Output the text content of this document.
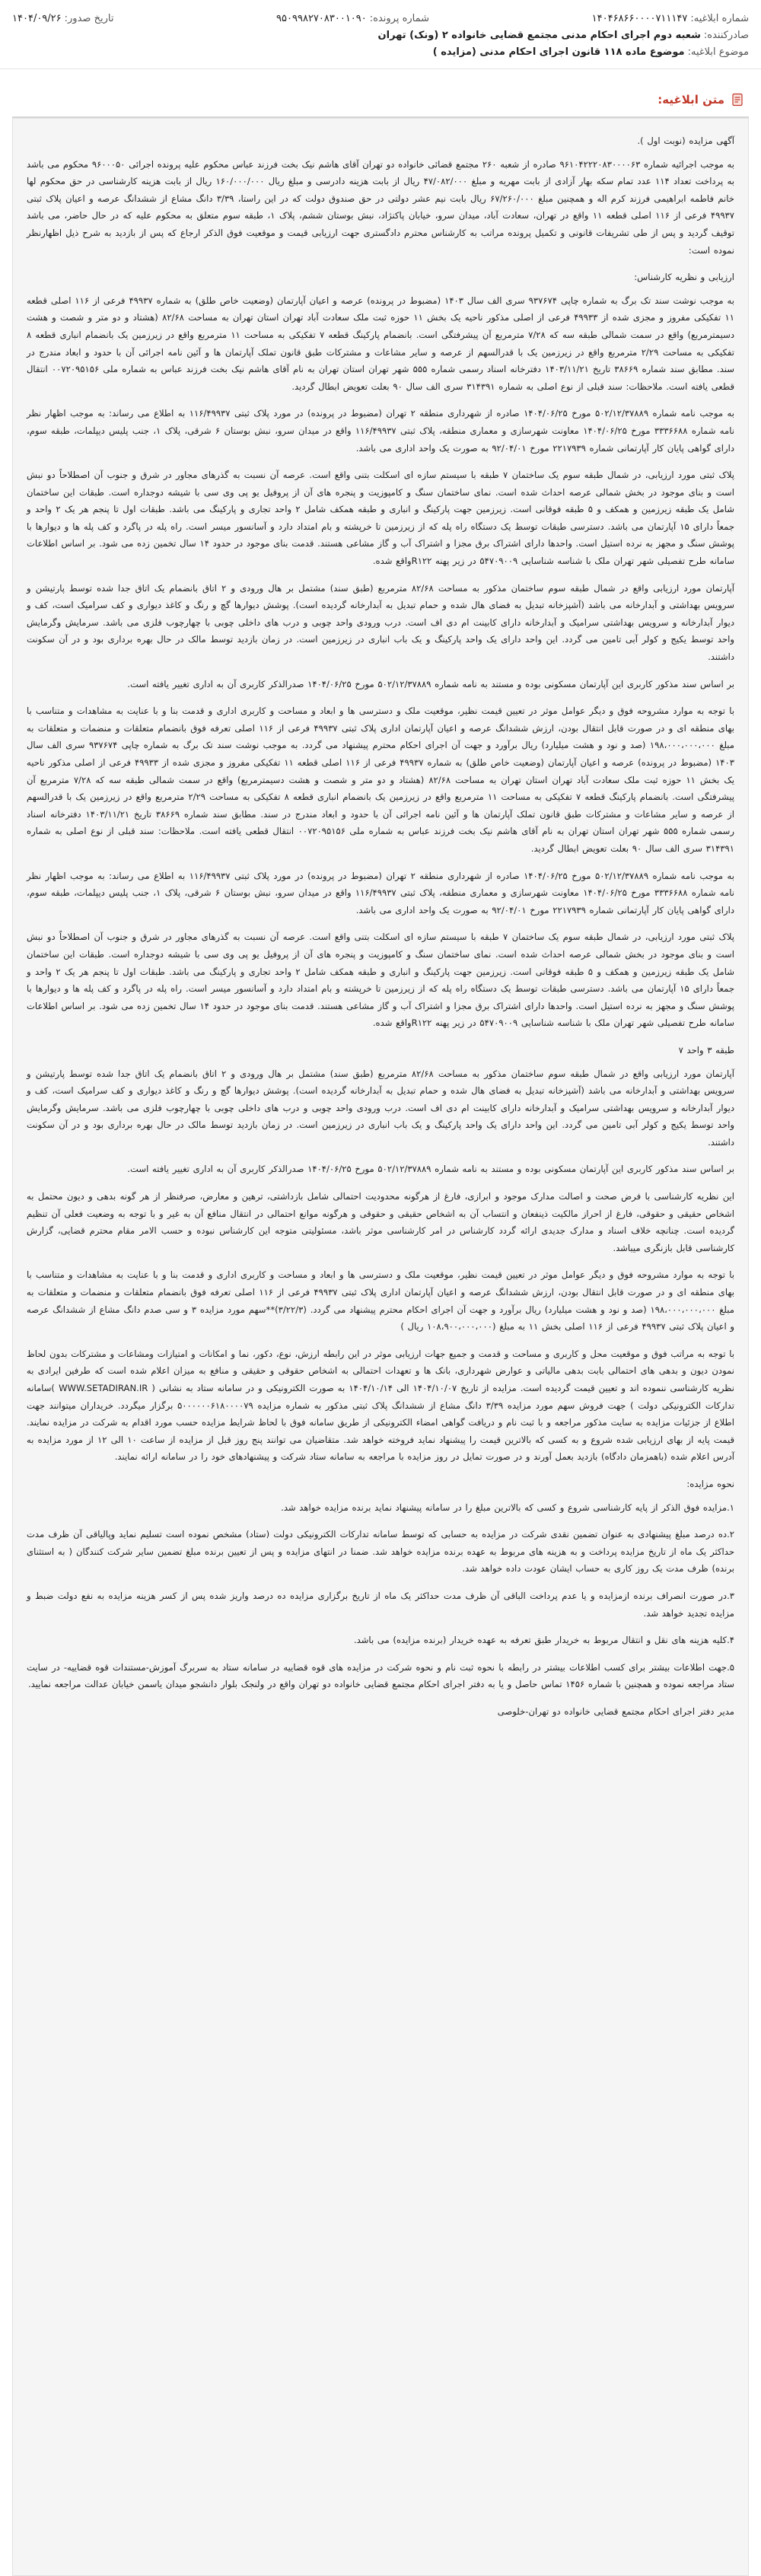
شماره ابلاغیه:
۱۴۰۴۶۸۶۶۰۰۰۰۷۱۱۱۴۷
شماره پرونده:
۹۵۰۹۹۸۲۷۰۸۳۰۰۱۰۹۰
تاریخ صدور:
۱۴۰۴/۰۹/۲۶
صادرکننده:
شعبه دوم اجرای احکام مدنی مجتمع قضایی خانواده ۲ (ونک) تهران
موضوع ابلاغیه:
موضوع ماده ۱۱۸ قانون اجرای احکام مدنی (مزایده )
متن ابلاغیه:

آگهی مزایده (نوبت اول ).

به موجب اجرائیه شماره ۹۶۱۰۴۲۲۲۰۸۳۰۰۰۰۶۳ صادره از شعبه ۲۶۰ مجتمع قضائی خانواده دو تهران آقای هاشم نیک بخت فرزند عباس محکوم علیه پرونده اجرائی ۹۶۰۰۰۵۰ محکوم می باشد به پرداخت تعداد ۱۱۴ عدد تمام سکه بهار آزادی از بابت مهریه و مبلغ ۴۷/۰۸۲/۰۰۰ ریال از بابت هزینه دادرسی و مبلغ ریال ۱۶۰/۰۰۰/۰۰۰ ریال از بابت هزینه کارشناسی در حق محکوم لها خانم فاطمه ابراهیمی فرزند کرم اله و همچنین مبلغ ۶۷/۲۶۰/۰۰۰ ریال بابت نیم عشر دولتی در حق صندوق دولت که در این راستا، ۳/۳۹ دانگ مشاع از ششدانگ عرصه و اعیان پلاک ثبتی ۴۹۹۳۷ فرعی از ۱۱۶ اصلی قطعه ۱۱ واقع در تهران، سعادت آباد، میدان سرو، خیابان پاکنژاد، نبش بوستان ششم، پلاک ۱، طبقه سوم متعلق به محکوم علیه که در حال حاضر، می باشد توقیف گردید و پس از طی تشریفات قانونی و تکمیل پرونده مراتب به کارشناس محترم دادگستری جهت ارزیابی قیمت و موقعیت فوق الذکر ارجاع که پس از بازدید به شرح ذیل اظهارنظر نموده است:

ارزیابی و نظریه کارشناس:

به موجب نوشت سند تک برگ به شماره چاپی ۹۳۷۶۷۴ سری الف سال ۱۴۰۳ (مضبوط در پرونده) عرصه و اعیان آپارتمان (وضعیت خاص طلق) به شماره ۴۹۹۳۷ فرعی از ۱۱۶ اصلی قطعه ۱۱ تفکیکی مفروز و مجزی شده از ۴۹۹۳۳ فرعی از اصلی مذکور ناحیه یک بخش ۱۱ حوزه ثبت ملک سعادت آباد تهران استان تهران به مساحت ۸۲/۶۸ (هشتاد و دو متر و شصت و هشت دسیمترمربع) واقع در سمت شمالی طبقه سه که ۷/۲۸ مترمربع آن پیشرفتگی است. بانضمام پارکینگ قطعه ۷ تفکیکی به مساحت ۱۱ مترمربع واقع در زیرزمین یک بانضمام انباری قطعه ۸ تفکیکی به مساحت ۲/۲۹ مترمربع واقع در زیرزمین یک با قدرالسهم از عرصه و سایر مشاعات و مشترکات طبق قانون تملک آپارتمان ها و آئین نامه اجرائی آن با حدود و ابعاد مندرج در سند. مطابق سند شماره ۳۸۶۶۹ تاریخ ۱۴۰۳/۱۱/۲۱ دفترخانه اسناد رسمی شماره ۵۵۵ شهر تهران استان تهران به نام آقای هاشم نیک بخت فرزند عباس به شماره ملی ۰۰۷۲۰۹۵۱۵۶ انتقال قطعی یافته است. ملاحظات: سند قبلی از نوع اصلی به شماره ۳۱۴۳۹۱ سری الف سال ۹۰ بعلت تعویض ابطال گردید.

به موجب نامه شماره ۵۰۲/۱۲/۳۷۸۸۹ مورخ ۱۴۰۴/۰۶/۲۵ صادره از شهرداری منطقه ۲ تهران (مضبوط در پرونده) در مورد پلاک ثبتی ۱۱۶/۴۹۹۳۷ به اطلاع می رساند: به موجب اظهار نظر نامه شماره ۳۳۳۶۶۸۸ مورخ ۱۴۰۴/۰۶/۲۵ معاونت شهرسازی و معماری منطقه، پلاک ثبتی ۱۱۶/۴۹۹۳۷ واقع در میدان سرو، نبش بوستان ۶ شرقی، پلاک ۱، جنب پلیس دیپلمات، طبقه سوم، دارای گواهی پایان کار آپارتمانی شماره ۲۲۱۷۹۳۹ مورخ ۹۲/۰۴/۰۱ به صورت یک واحد اداری می باشد.

پلاک ثبتی مورد ارزیابی، در شمال طبقه سوم یک ساختمان ۷ طبقه با سیستم سازه ای اسکلت بتنی واقع است. عرصه آن نسبت به گذرهای مجاور در شرق و جنوب آن اصطلاحاً دو نبش است و بنای موجود در بخش شمالی عرصه احداث شده است. نمای ساختمان سنگ و کامپوزیت و پنجره های آن از پروفیل یو پی وی سی با شیشه دوجداره است. طبقات این ساختمان شامل یک طبقه زیرزمین و همکف و ۵ طبقه فوقانی است. زیرزمین جهت پارکینگ و انباری و طبقه همکف شامل ۲ واحد تجاری و پارکینگ می باشد. طبقات اول تا پنجم هر یک ۲ واحد و جمعاً دارای ۱۵ آپارتمان می باشد. دسترسی طبقات توسط یک دستگاه راه پله که از زیرزمین تا خرپشته و بام امتداد دارد و آسانسور میسر است. راه پله در پاگرد و کف پله ها و دیوارها با پوشش سنگ و مجهز به نرده استیل است. واحدها دارای اشتراک برق مجزا و اشتراک آب و گاز مشاعی هستند. قدمت بنای موجود در حدود ۱۴ سال تخمین زده می شود. بر اساس اطلاعات سامانه طرح تفصیلی شهر تهران ملک با شناسه شناسایی ۵۴۷۰۹۰۰۹ در زیر پهنه R۱۲۲واقع شده.

آپارتمان مورد ارزیابی واقع در شمال طبقه سوم ساختمان مذکور به مساحت ۸۲/۶۸ مترمربع (طبق سند) مشتمل بر هال ورودی و ۲ اتاق بانضمام یک اتاق جدا شده توسط پارتیشن و سرویس بهداشتی و آبدارخانه می باشد (آشپزخانه تبدیل به فضای هال شده و حمام تبدیل به آبدارخانه گردیده است). پوشش دیوارها گچ و رنگ و کاغذ دیواری و کف سرامیک است، کف و دیوار آبدارخانه و سرویس بهداشتی سرامیک و آبدارخانه دارای کابینت ام دی اف است. درب ورودی واحد چوبی و درب های داخلی چوبی با چهارچوب فلزی می باشد. سرمایش وگرمایش واحد توسط یکیج و کولر آبی تامین می گردد. این واحد دارای یک واحد پارکینگ و یک باب انباری در زیرزمین است. در زمان بازدید توسط مالک در حال بهره برداری بود و در آن سکونت داشتند.

بر اساس سند مذکور کاربری این آپارتمان مسکونی بوده و مستند به نامه شماره ۵۰۲/۱۲/۳۷۸۸۹ مورخ ۱۴۰۴/۰۶/۲۵ صدرالذکر کاربری آن به اداری تغییر یافته است.

با توجه به موارد مشروحه فوق و دیگر عوامل موثر در تعیین قیمت نظیر، موقعیت ملک و دسترسی ها و ابعاد و مساحت و کاربری اداری و قدمت بنا و با عنایت به مشاهدات و متناسب با بهای منطقه ای و در صورت قابل انتقال بودن، ارزش ششدانگ عرصه و اعیان آپارتمان اداری پلاک ثبتی ۴۹۹۳۷ فرعی از ۱۱۶ اصلی تعرفه فوق بانضمام متعلقات و منضمات و متعلقات به مبلغ ۱۹۸،۰۰۰،۰۰۰،۰۰۰ (صد و نود و هشت میلیارد) ریال برآورد و جهت آن اجرای احکام محترم پیشنهاد می گردد. به موجب نوشت سند تک برگ به شماره چاپی ۹۳۷۶۷۴ سری الف سال ۱۴۰۳ (مضبوط در پرونده) عرصه و اعیان آپارتمان (وضعیت خاص طلق) به شماره ۴۹۹۳۷ فرعی از ۱۱۶ اصلی قطعه ۱۱ تفکیکی مفروز و مجزی شده از ۴۹۹۳۳ فرعی از اصلی مذکور ناحیه یک بخش ۱۱ حوزه ثبت ملک سعادت آباد تهران استان تهران به مساحت ۸۲/۶۸ (هشتاد و دو متر و شصت و هشت دسیمترمربع) واقع در سمت شمالی طبقه سه که ۷/۲۸ مترمربع آن پیشرفتگی است. بانضمام پارکینگ قطعه ۷ تفکیکی به مساحت ۱۱ مترمربع واقع در زیرزمین یک بانضمام انباری قطعه ۸ تفکیکی به مساحت ۲/۲۹ مترمربع واقع در زیرزمین یک با قدرالسهم از عرصه و سایر مشاعات و مشترکات طبق قانون تملک آپارتمان ها و آئین نامه اجرائی آن با حدود و ابعاد مندرج در سند. مطابق سند شماره ۳۸۶۶۹ تاریخ ۱۴۰۳/۱۱/۲۱ دفترخانه اسناد رسمی شماره ۵۵۵ شهر تهران استان تهران به نام آقای هاشم نیک بخت فرزند عباس به شماره ملی ۰۰۷۲۰۹۵۱۵۶ انتقال قطعی یافته است. ملاحظات: سند قبلی از نوع اصلی به شماره ۳۱۴۳۹۱ سری الف سال ۹۰ بعلت تعویض ابطال گردید.

به موجب نامه شماره ۵۰۲/۱۲/۳۷۸۸۹ مورخ ۱۴۰۴/۰۶/۲۵ صادره از شهرداری منطقه ۲ تهران (مضبوط در پرونده) در مورد پلاک ثبتی ۱۱۶/۴۹۹۳۷ به اطلاع می رساند: به موجب اظهار نظر نامه شماره ۳۳۳۶۶۸۸ مورخ ۱۴۰۴/۰۶/۲۵ معاونت شهرسازی و معماری منطقه، پلاک ثبتی ۱۱۶/۴۹۹۳۷ واقع در میدان سرو، نبش بوستان ۶ شرقی، پلاک ۱، جنب پلیس دیپلمات، طبقه سوم، دارای گواهی پایان کار آپارتمانی شماره ۲۲۱۷۹۳۹ مورخ ۹۲/۰۴/۰۱ به صورت یک واحد اداری می باشد.

پلاک ثبتی مورد ارزیابی، در شمال طبقه سوم یک ساختمان ۷ طبقه با سیستم سازه ای اسکلت بتنی واقع است. عرصه آن نسبت به گذرهای مجاور در شرق و جنوب آن اصطلاحاً دو نبش است و بنای موجود در بخش شمالی عرصه احداث شده است. نمای ساختمان سنگ و کامپوزیت و پنجره های آن از پروفیل یو پی وی سی با شیشه دوجداره است. طبقات این ساختمان شامل یک طبقه زیرزمین و همکف و ۵ طبقه فوقانی است. زیرزمین جهت پارکینگ و انباری و طبقه همکف شامل ۲ واحد تجاری و پارکینگ می باشد. طبقات اول تا پنجم هر یک ۲ واحد و جمعاً دارای ۱۵ آپارتمان می باشد. دسترسی طبقات توسط یک دستگاه راه پله که از زیرزمین تا خرپشته و بام امتداد دارد و آسانسور میسر است. راه پله در پاگرد و کف پله ها و دیوارها با پوشش سنگ و مجهز به نرده استیل است. واحدها دارای اشتراک برق مجزا و اشتراک آب و گاز مشاعی هستند. قدمت بنای موجود در حدود ۱۴ سال تخمین زده می شود. بر اساس اطلاعات سامانه طرح تفصیلی شهر تهران ملک با شناسه شناسایی ۵۴۷۰۹۰۰۹ در زیر پهنه R۱۲۲واقع شده.

طبقه ۳ واحد ۷

آپارتمان مورد ارزیابی واقع در شمال طبقه سوم ساختمان مذکور به مساحت ۸۲/۶۸ مترمربع (طبق سند) مشتمل بر هال ورودی و ۲ اتاق بانضمام یک اتاق جدا شده توسط پارتیشن و سرویس بهداشتی و آبدارخانه می باشد (آشپزخانه تبدیل به فضای هال شده و حمام تبدیل به آبدارخانه گردیده است). پوشش دیوارها گچ و رنگ و کاغذ دیواری و کف سرامیک است، کف و دیوار آبدارخانه و سرویس بهداشتی سرامیک و آبدارخانه دارای کابینت ام دی اف است. درب ورودی واحد چوبی و درب های داخلی چوبی با چهارچوب فلزی می باشد. سرمایش وگرمایش واحد توسط یکیج و کولر آبی تامین می گردد. این واحد دارای یک واحد پارکینگ و یک باب انباری در زیرزمین است. در زمان بازدید توسط مالک در حال بهره برداری بود و در آن سکونت داشتند.

بر اساس سند مذکور کاربری این آپارتمان مسکونی بوده و مستند به نامه شماره ۵۰۲/۱۲/۳۷۸۸۹ مورخ ۱۴۰۴/۰۶/۲۵ صدرالذکر کاربری آن به اداری تغییر یافته است.

این نظریه کارشناسی با فرض صحت و اصالت مدارک موجود و ابرازی، فارغ از هرگونه محدودیت احتمالی شامل بازداشتی، ترهین و معارض، صرفنظر از هر گونه بدهی و دیون محتمل به اشخاص حقیقی و حقوقی، فارغ از احراز مالکیت ذینفعان و انتساب آن به اشخاص حقیقی و حقوقی و هرگونه موانع احتمالی در انتقال منافع آن به غیر و با توجه به وضعیت فعلی آن تنظیم گردیده است. چنانچه خلاف اسناد و مدارک جدیدی ارائه گردد کارشناس در امر کارشناسی موثر باشد، مسئولیتی متوجه این کارشناس نبوده و حسب الامر مقام محترم قضایی، گزارش کارشناسی قابل بازنگری میباشد.

با توجه به موارد مشروحه فوق و دیگر عوامل موثر در تعیین قیمت نظیر، موقعیت ملک و دسترسی ها و ابعاد و مساحت و کاربری اداری و قدمت بنا و با عنایت به مشاهدات و متناسب با بهای منطقه ای و در صورت قابل انتقال بودن، ارزش ششدانگ عرصه و اعیان آپارتمان اداری پلاک ثبتی ۴۹۹۳۷ فرعی از ۱۱۶ اصلی تعرفه فوق بانضمام متعلقات و منضمات و متعلقات به مبلغ ۱۹۸،۰۰۰،۰۰۰،۰۰۰ (صد و نود و هشت میلیارد) ریال برآورد و جهت آن اجرای احکام محترم پیشنهاد می گردد. (۳/۲۲/۳)**سهم مورد مزایده ۳ و سی صدم دانگ مشاع از ششدانگ عرصه و اعیان پلاک ثبتی ۴۹۹۳۷ فرعی از ۱۱۶ اصلی بخش ۱۱ به مبلغ (۱۰۸،۹۰۰،۰۰۰،۰۰۰ ریال )

با توجه به مراتب فوق و موقعیت محل و کاربری و مساحت و قدمت و جمیع جهات ارزیابی موثر در این رابطه ارزش، نوع، دکور، نما و امکانات و امتیازات ومشاعات و مشترکات بدون لحاظ نمودن دیون و بدهی های احتمالی بابت بدهی مالیاتی و عوارض شهرداری، بانک ها و تعهدات احتمالی به اشخاص حقوقی و حقیقی و منافع به میزان اعلام شده است که طرفین ایرادی به نظریه کارشناسی ننموده اند و تعیین قیمت گردیده است. مزایده از تاریخ ۱۴۰۴/۱۰/۰۷ الی ۱۴۰۴/۱۰/۱۴ به صورت الکترونیکی و در سامانه ستاد به نشانی ( WWW.SETADIRAN.IR )سامانه تدارکات الکترونیکی دولت ) جهت فروش سهم مورد مزایده ۳/۳۹ دانگ مشاع از ششدانگ پلاک ثبتی مذکور به شماره مزایده ۵۰۰۰۰۰۰۶۱۸۰۰۰۰۷۹ برگزار میگردد. خریداران میتوانند جهت اطلاع از جزئیات مزایده به سایت مذکور مراجعه و با ثبت نام و دریافت گواهی امضاء الکترونیکی از طریق سامانه فوق با لحاظ شرایط مزایده حسب مورد اقدام به شرکت در مزایده نمایند. قیمت پایه از بهای ارزیابی شده شروع و به کسی که بالاترین قیمت را پیشنهاد نماید فروخته خواهد شد. متقاضیان می توانند پنج روز قبل از مزایده از ساعت ۱۰ الی ۱۲ از مورد مزایده به آدرس اعلام شده (باهمزمان دادگاه) بازدید بعمل آورند و در صورت تمایل در روز مزایده با مراجعه به سامانه ستاد شرکت و پیشنهادهای خود را در سامانه ارائه نمایند.

نحوه مزایده:

۱.مزایده فوق الذکر از پایه کارشناسی شروع و کسی که بالاترین مبلغ را در سامانه پیشنهاد نماید برنده مزایده خواهد شد.

۲.ده درصد مبلغ پیشنهادی به عنوان تضمین نقدی شرکت در مزایده به حسابی که توسط سامانه تدارکات الکترونیکی دولت (ستاد) مشخص نموده است تسلیم نماید وپالیاقی آن ظرف مدت حداکثر یک ماه از تاریخ مزایده پرداخت و به هزینه های مربوط به عهده برنده مزایده خواهد شد. ضمنا در انتهای مزایده و پس از تعیین برنده مبلغ تضمین سایر شرکت کنندگان ( به استثنای برنده) ظرف مدت یک روز کاری به حساب ایشان عودت داده خواهد شد.

۳.در صورت انصراف برنده ازمزایده و یا عدم پرداخت الباقی آن ظرف مدت حداکثر یک ماه از تاریخ برگزاری مزایده ده درصد واریز شده پس از کسر هزینه مزایده به نفع دولت ضبط و مزایده تجدید خواهد شد.

۴.کلیه هزینه های نقل و انتقال مربوط به خریدار طبق تعرفه به عهده خریدار (برنده مزایده) می باشد.

۵.جهت اطلاعات بیشتر برای کسب اطلاعات بیشتر در رابطه با نحوه ثبت نام و نحوه شرکت در مزایده های قوه قضاییه در سامانه ستاد به سربرگ آموزش-مستندات قوه قضاییه- در سایت ستاد مراجعه نموده و همچنین با شماره ۱۴۵۶ تماس حاصل و یا به دفتر اجرای احکام مجتمع قضایی خانواده دو تهران واقع در ولنجک بلوار دانشجو میدان یاسمن خیابان عدالت مراجعه نمایید.

مدیر دفتر اجرای احکام مجتمع قضایی خانواده دو تهران-خلوصی
